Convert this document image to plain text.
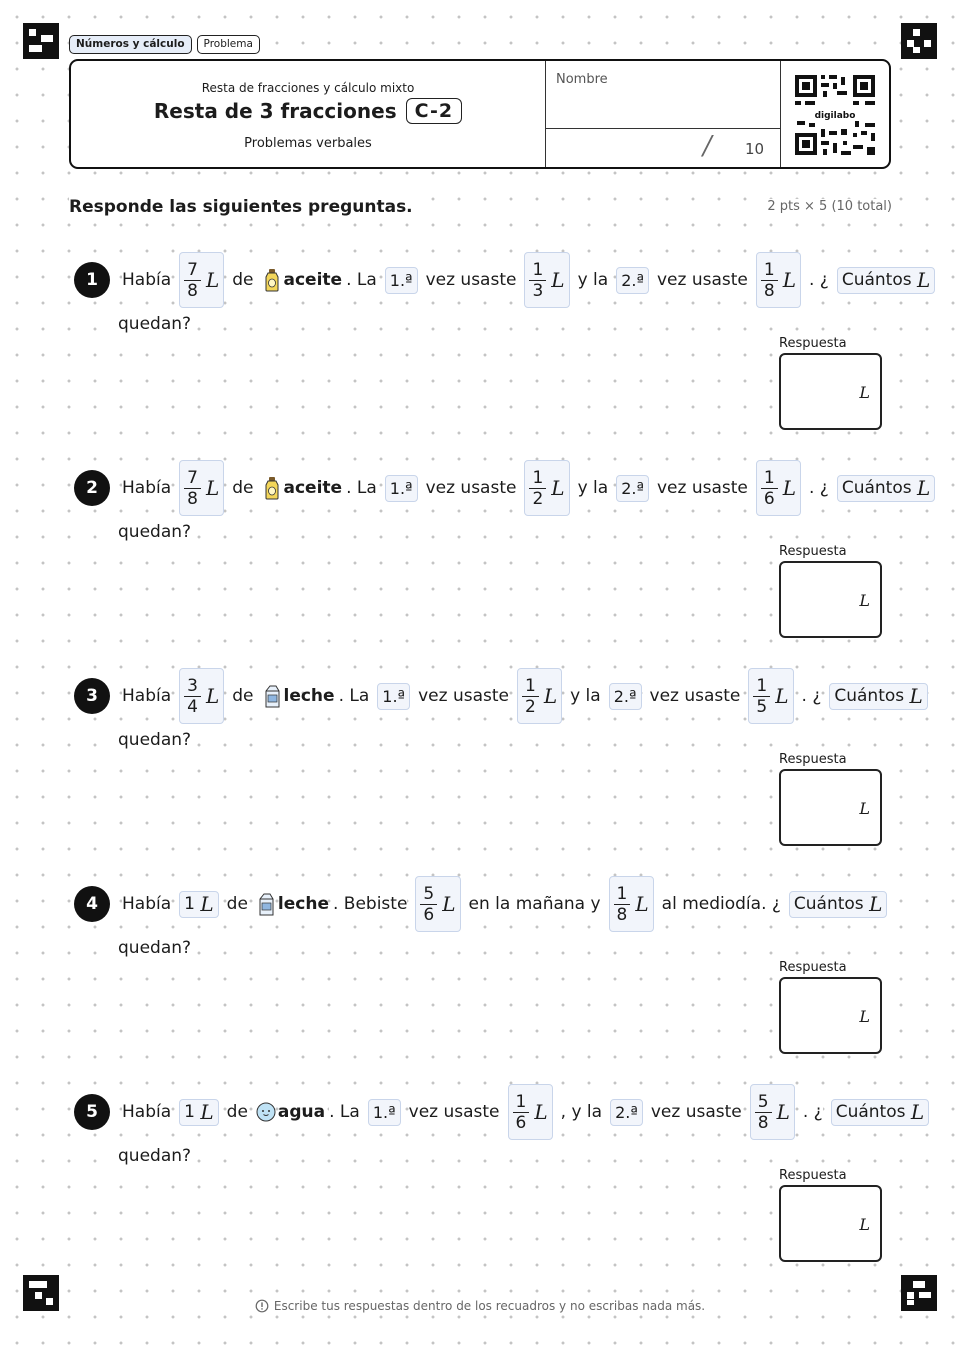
Números y cálculo	Problema
Resta de fracciones y cálculo mixto
Resta de 3 fracciones C-2
Problemas verbales
Nombre
/ 10
digilabo
Responde las siguientes preguntas.	2 pts × 5 (10 total)
1	Había $\frac{7}{8}$ L de aceite . La 1.ª vez usaste $\frac{1}{3}$ L y la 2.ª vez usaste $\frac{1}{8}$ L . ¿ Cuántos
L
quedan?
Respuesta
L
2	Había $\frac{7}{8}$ L de aceite . La 1.ª vez usaste $\frac{1}{2}$ L y la 2.ª vez usaste $\frac{1}{6}$ L . ¿ Cuántos
L
quedan?
Respuesta
L
3	Había $\frac{3}{4}$ L de leche . La 1.ª vez usaste $\frac{1}{2}$ L y la 2.ª vez usaste $\frac{1}{5}$ L . ¿ Cuántos
L
quedan?
Respuesta
L
4	Había 1
L de leche . Bebiste $\frac{5}{6}$ L en la mañana y $\frac{1}{8}$ L al mediodía. ¿ Cuántos
L
quedan?
Respuesta
L
5	Había 1
L de agua . La 1.ª vez usaste $\frac{1}{6}$ L , y la 2.ª vez usaste $\frac{5}{8}$ L . ¿ Cuántos
L
quedan?
Respuesta
L
Escribe tus respuestas dentro de los recuadros y no escribas nada más.
